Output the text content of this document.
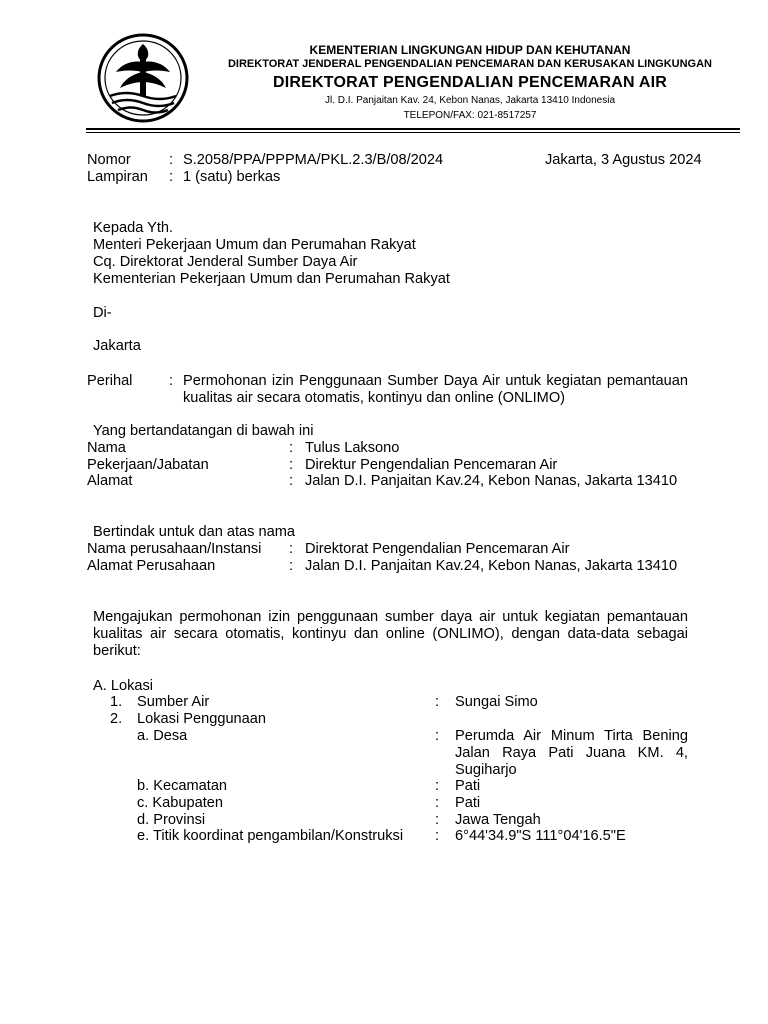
KEMENTERIAN LINGKUNGAN HIDUP DAN KEHUTANAN
DIREKTORAT JENDERAL PENGENDALIAN PENCEMARAN DAN KERUSAKAN LINGKUNGAN
DIREKTORAT PENGENDALIAN PENCEMARAN AIR
Jl. D.I. Panjaitan Kav. 24, Kebon Nanas, Jakarta 13410 Indonesia
TELEPON/FAX: 021-8517257
Nomor	: S.2058/PPA/PPPMA/PKL.2.3/B/08/2024	Jakarta, 3 Agustus 2024
Lampiran : 1 (satu) berkas
Kepada Yth.
Menteri Pekerjaan Umum dan Perumahan Rakyat
Cq. Direktorat Jenderal Sumber Daya Air
Kementerian Pekerjaan Umum dan Perumahan Rakyat
Di-
Jakarta
Perihal	: Permohonan izin Penggunaan Sumber Daya Air untuk kegiatan pemantauan kualitas air secara otomatis, kontinyu dan online (ONLIMO)
Yang bertandatangan di bawah ini
Nama	: Tulus Laksono
Pekerjaan/Jabatan	: Direktur Pengendalian Pencemaran Air
Alamat	: Jalan D.I. Panjaitan Kav.24, Kebon Nanas, Jakarta 13410
Bertindak untuk dan atas nama
Nama perusahaan/Instansi : Direktorat Pengendalian Pencemaran Air
Alamat Perusahaan	: Jalan D.I. Panjaitan Kav.24, Kebon Nanas, Jakarta 13410
Mengajukan permohonan izin penggunaan sumber daya air untuk kegiatan pemantauan kualitas air secara otomatis, kontinyu dan online (ONLIMO), dengan data-data sebagai berikut:
A. Lokasi
1. Sumber Air	: Sungai Simo
2. Lokasi Penggunaan
a. Desa	: Perumda Air Minum Tirta Bening Jalan Raya Pati Juana KM. 4, Sugiharjo
b. Kecamatan	: Pati
c. Kabupaten	: Pati
d. Provinsi	: Jawa Tengah
e. Titik koordinat pengambilan/Konstruksi : 6°44'34.9"S 111°04'16.5"E
